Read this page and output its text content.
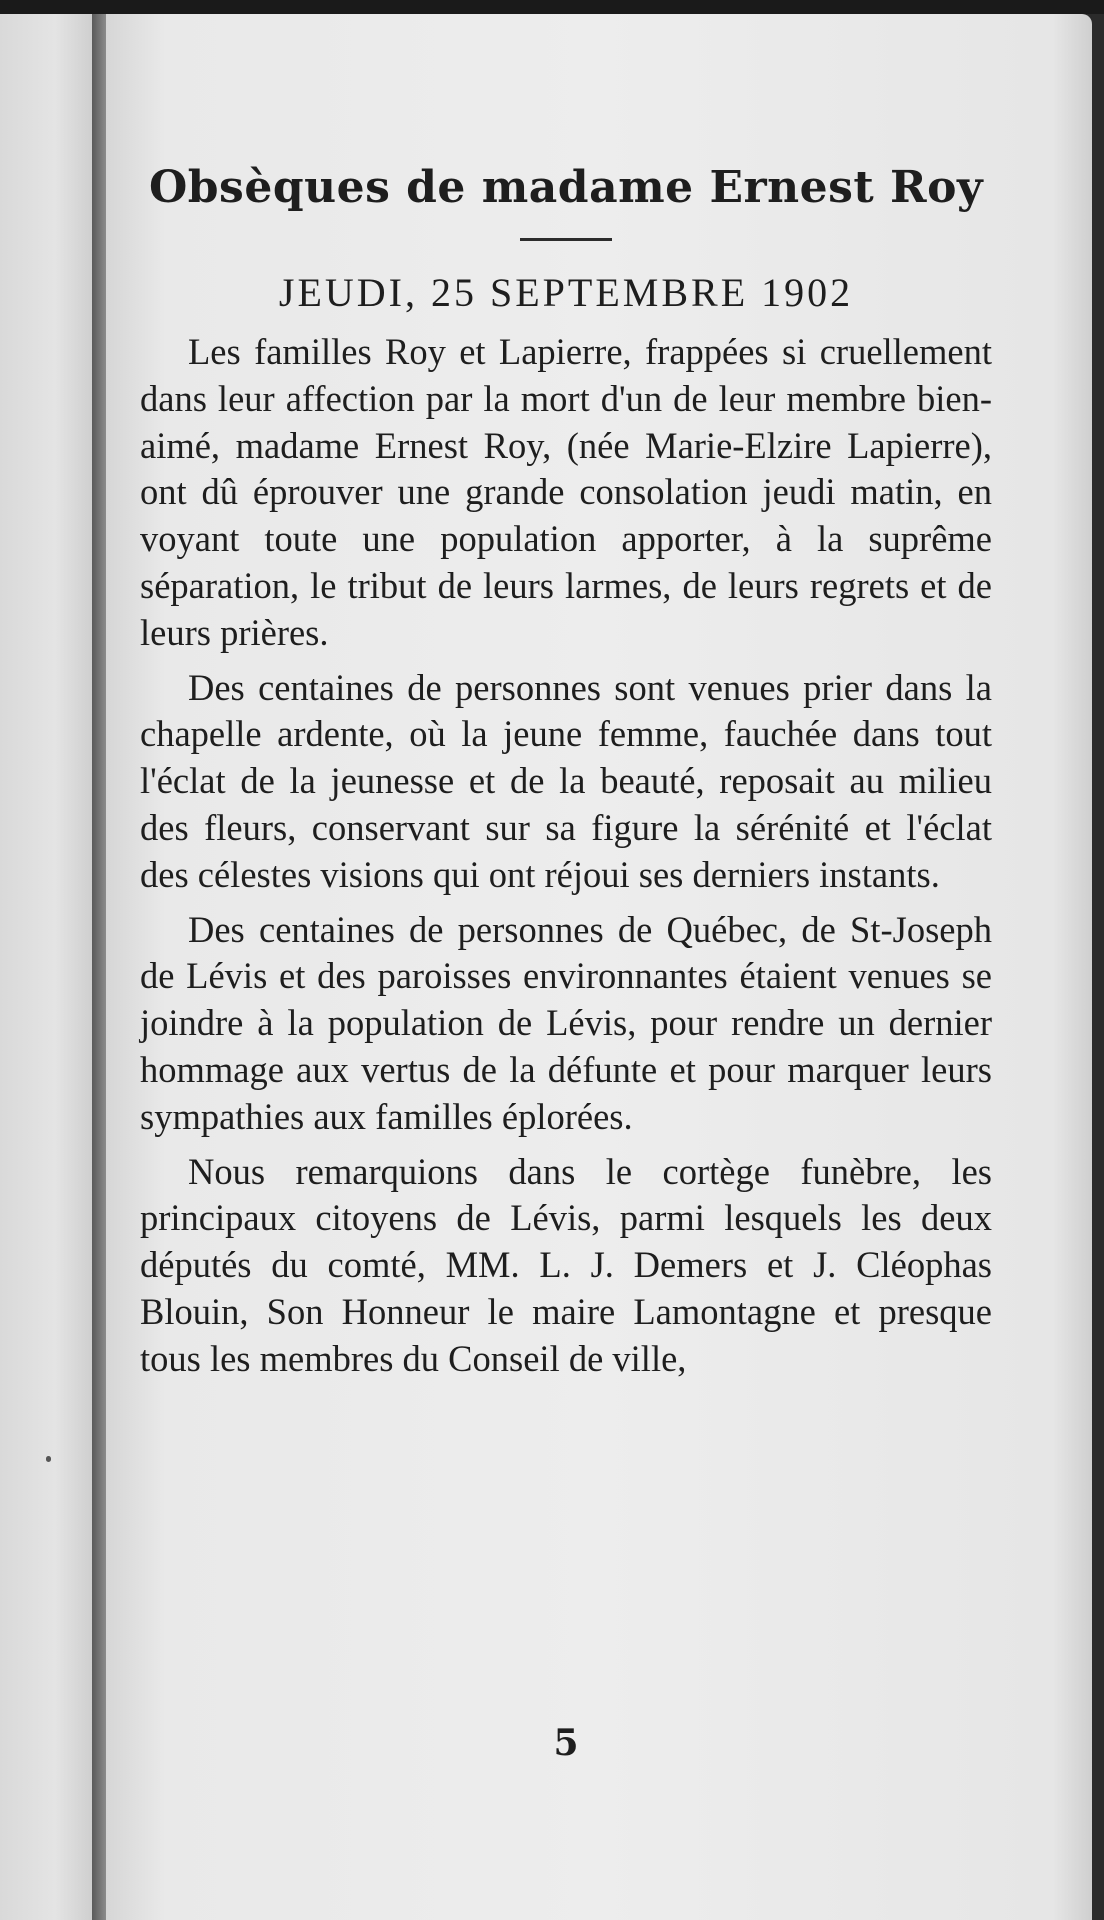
Obsèques de madame Ernest Roy
JEUDI, 25 SEPTEMBRE 1902

Les familles Roy et Lapierre, frappées si cruellement dans leur affection par la mort d'un de leur membre bien-aimé, madame Ernest Roy, (née Marie-Elzire Lapierre), ont dû éprouver une grande consolation jeudi matin, en voyant toute une population apporter, à la suprême séparation, le tribut de leurs larmes, de leurs regrets et de leurs prières.

Des centaines de personnes sont venues prier dans la chapelle ardente, où la jeune femme, fauchée dans tout l'éclat de la jeunesse et de la beauté, reposait au milieu des fleurs, conservant sur sa figure la sérénité et l'éclat des célestes visions qui ont réjoui ses derniers instants.

Des centaines de personnes de Québec, de St-Joseph de Lévis et des paroisses environnantes étaient venues se joindre à la population de Lévis, pour rendre un dernier hommage aux vertus de la défunte et pour marquer leurs sympathies aux familles éplorées.

Nous remarquions dans le cortège funèbre, les principaux citoyens de Lévis, parmi lesquels les deux députés du comté, MM. L. J. Demers et J. Cléophas Blouin, Son Honneur le maire Lamontagne et presque tous les membres du Conseil de ville,

5
